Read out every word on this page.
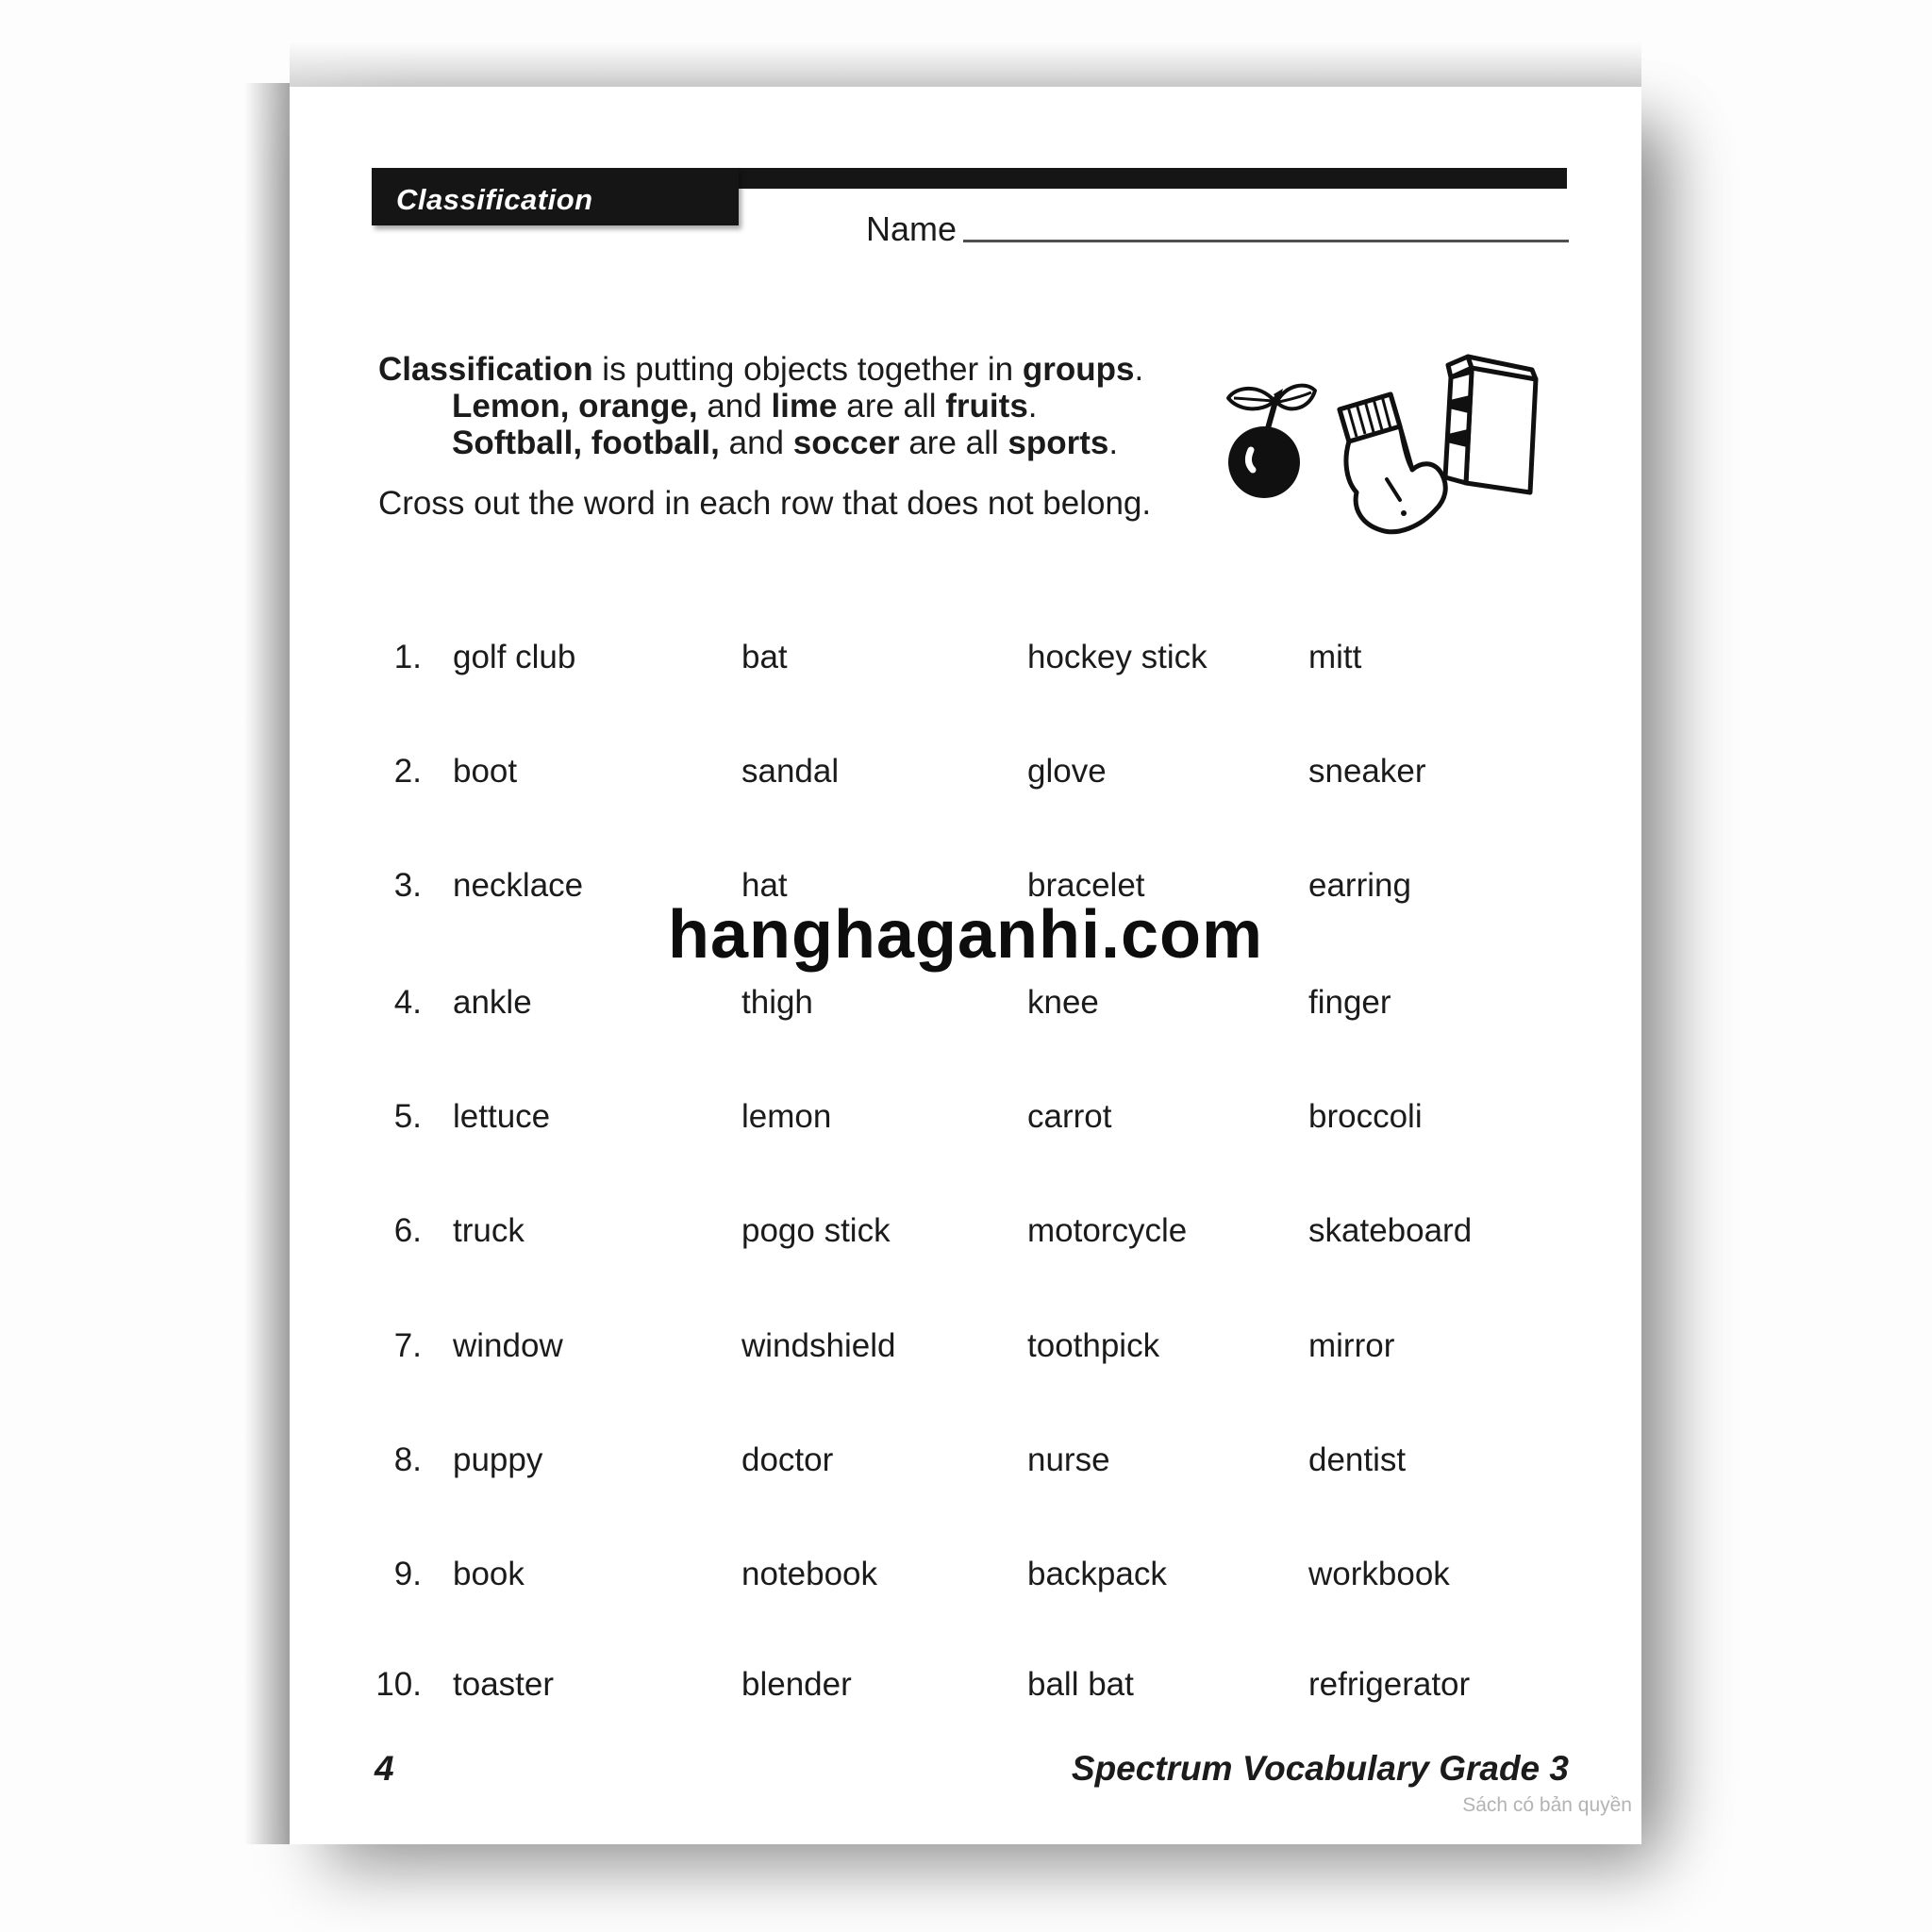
Classification
Name
Classification is putting objects together in groups.
Lemon, orange, and lime are all fruits.
Softball, football, and soccer are all sports.
Cross out the word in each row that does not belong.
1. golf club	bat	hockey stick	mitt
2. boot	sandal	glove	sneaker
3. necklace	hat	bracelet	earring
4. ankle	thigh	knee	finger
5. lettuce	lemon	carrot	broccoli
6. truck	pogo stick	motorcycle	skateboard
7. window	windshield	toothpick	mirror
8. puppy	doctor	nurse	dentist
9. book	notebook	backpack	workbook
10. toaster	blender	ball bat	refrigerator
hanghaganhi.com
4	Spectrum Vocabulary Grade 3
Sách có bản quyền
